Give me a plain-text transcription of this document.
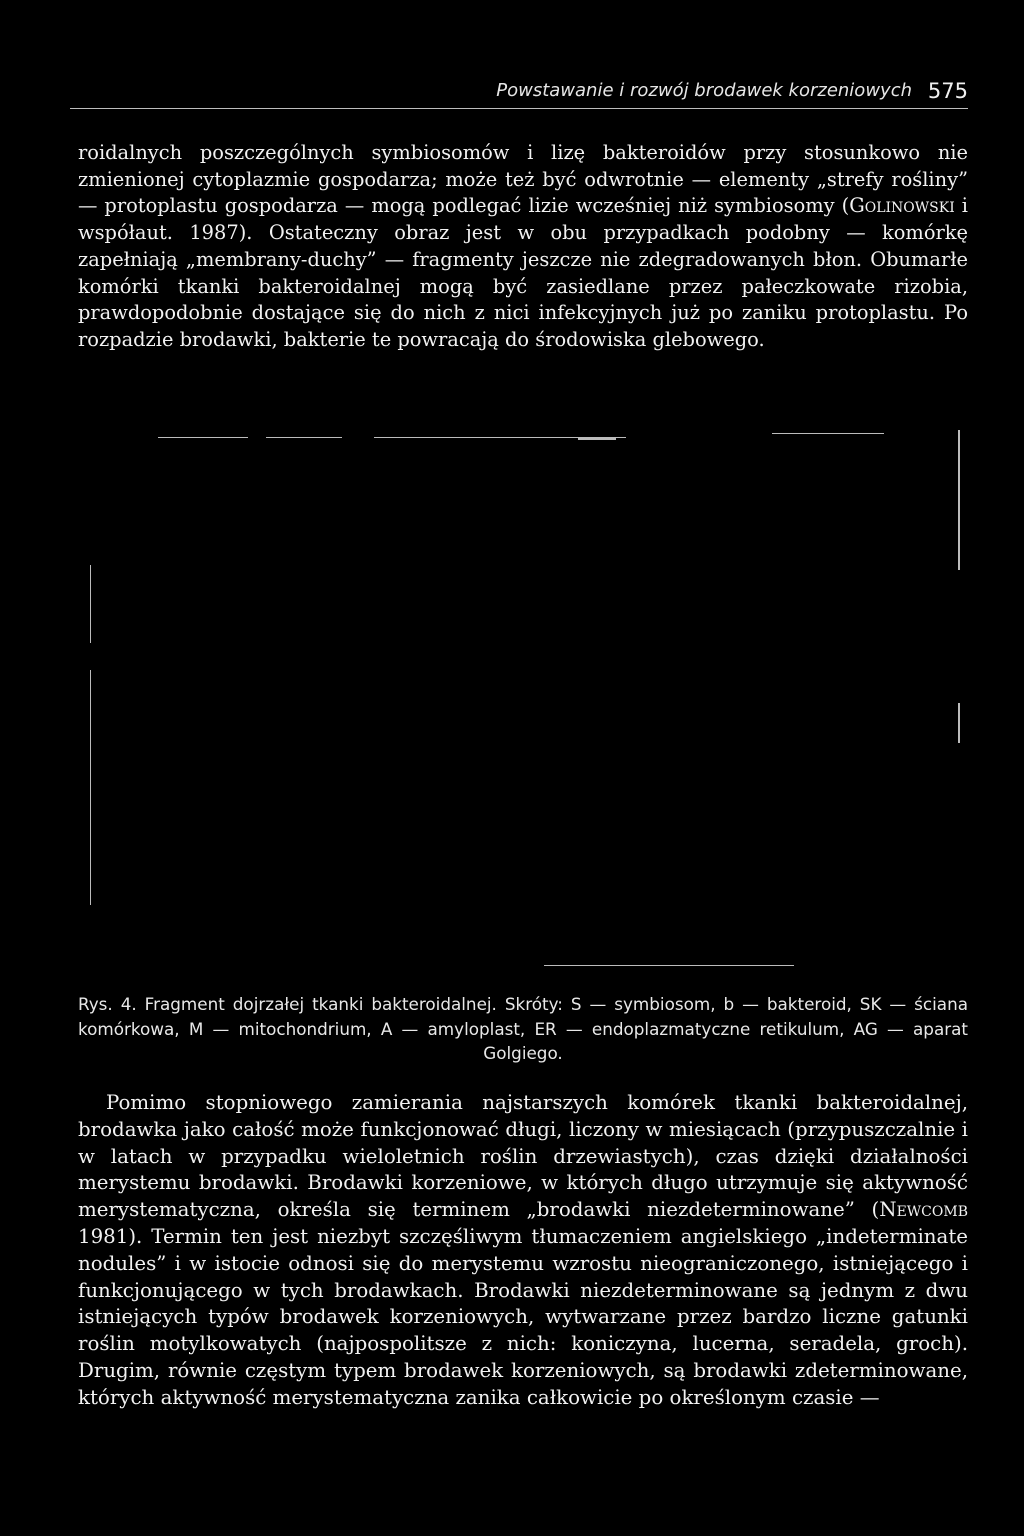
Powstawanie i rozwój brodawek korzeniowych 575

roidalnych poszczególnych symbiosomów i lizę bakteroidów przy stosunkowo nie zmienionej cytoplazmie gospodarza; może też być odwrotnie — elementy „strefy rośliny” — protoplastu gospodarza — mogą podlegać lizie wcześniej niż symbiosomy (Golinowski i współaut. 1987). Ostateczny obraz jest w obu przypadkach podobny — komórkę zapełniają „membrany-duchy” — fragmenty jeszcze nie zdegradowanych błon. Obumarłe komórki tkanki bakteroidalnej mogą być zasiedlane przez pałeczkowate rizobia, prawdopodobnie dostające się do nich z nici infekcyjnych już po zaniku protoplastu. Po rozpadzie brodawki, bakterie te powracają do środowiska glebowego.

Rys. 4. Fragment dojrzałej tkanki bakteroidalnej. Skróty: S — symbiosom, b — bakteroid, SK — ściana komórkowa, M — mitochondrium, A — amyloplast, ER — endoplazmatyczne retikulum, AG — aparat Golgiego.

Pomimo stopniowego zamierania najstarszych komórek tkanki bakteroidalnej, brodawka jako całość może funkcjonować długi, liczony w miesiącach (przypuszczalnie i w latach w przypadku wieloletnich roślin drzewiastych), czas dzięki działalności merystemu brodawki. Brodawki korzeniowe, w których długo utrzymuje się aktywność merystematyczna, określa się terminem „brodawki niezdeterminowane” (Newcomb 1981). Termin ten jest niezbyt szczęśliwym tłumaczeniem angielskiego „indeterminate nodules” i w istocie odnosi się do merystemu wzrostu nieograniczonego, istniejącego i funkcjonującego w tych brodawkach. Brodawki niezdeterminowane są jednym z dwu istniejących typów brodawek korzeniowych, wytwarzane przez bardzo liczne gatunki roślin motylkowatych (najpospolitsze z nich: koniczyna, lucerna, seradela, groch). Drugim, równie częstym typem brodawek korzeniowych, są brodawki zdeterminowane, których aktywność merystematyczna zanika całkowicie po określonym czasie —
